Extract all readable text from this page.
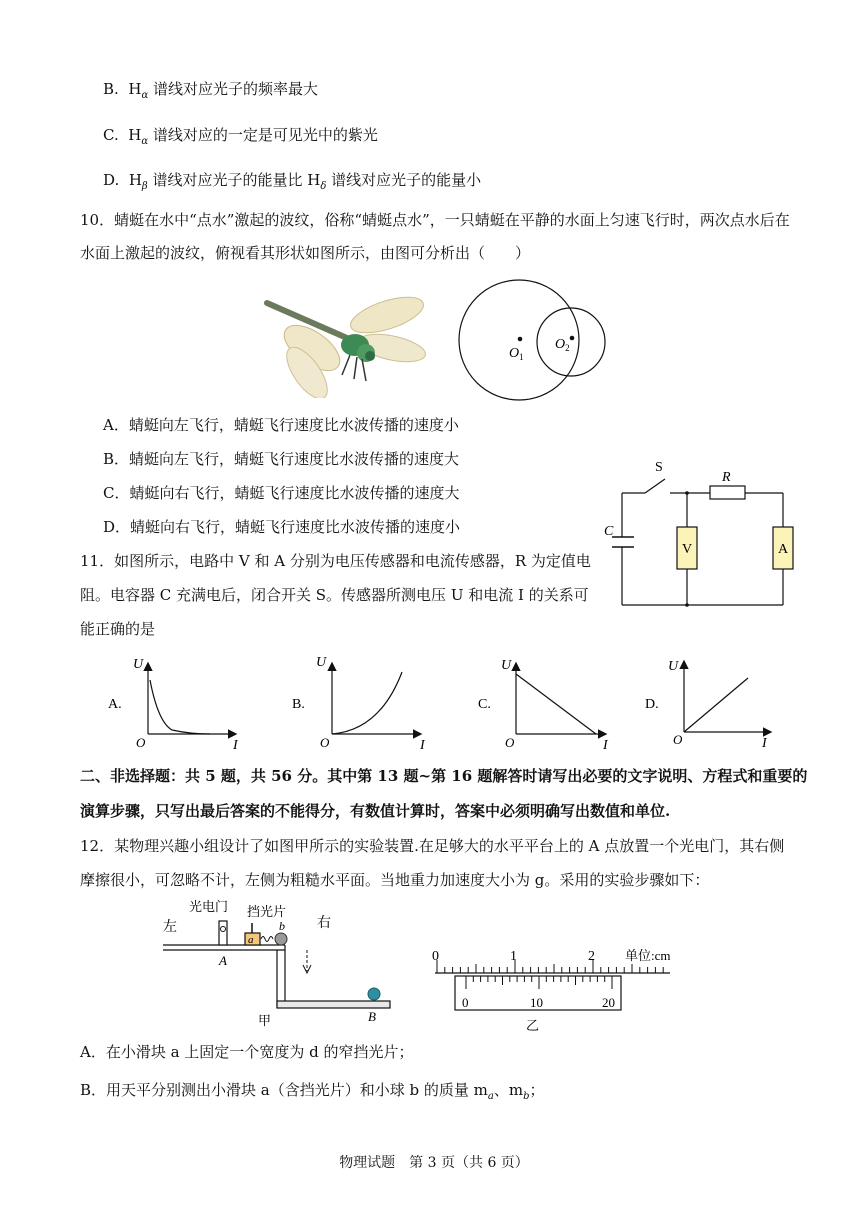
B. $H_\alpha$ 谱线对应光子的频率最大
C. $H_\alpha$ 谱线对应的一定是可见光中的紫光
D. $H_\beta$ 谱线对应光子的能量比 $H_\delta$ 谱线对应光子的能量小
10．蜻蜓在水中“点水”激起的波纹，俗称“蜻蜓点水”，一只蜻蜓在平静的水面上匀速飞行时，两次点水后在
水面上激起的波纹，俯视看其形状如图所示，由图可分析出（　　）
$O_1$
$O_2$
A．蜻蜓向左飞行，蜻蜓飞行速度比水波传播的速度小
B．蜻蜓向左飞行，蜻蜓飞行速度比水波传播的速度大
C．蜻蜓向右飞行，蜻蜓飞行速度比水波传播的速度大
D．蜻蜓向右飞行，蜻蜓飞行速度比水波传播的速度小
S
R
C
V	A
11．如图所示，电路中 V 和 A 分别为电压传感器和电流传感器，R 为定值电
阻。电容器 C 充满电后，闭合开关 S。传感器所测电压 U 和电流 I 的关系可
能正确的是
A.
U
O	I
B.
U
O	I
C.
U
O	I
D.
U
O	I
二、非选择题：共 5 题，共 56 分。其中第 13 题~第 16 题解答时请写出必要的文字说明、方程式和重要的
演算步骤，只写出最后答案的不能得分，有数值计算时，答案中必须明确写出数值和单位.
12．某物理兴趣小组设计了如图甲所示的实验装置.在足够大的水平平台上的 A 点放置一个光电门，其右侧
摩擦很小，可忽略不计，左侧为粗糙水平面。当地重力加速度大小为 g。采用的实验步骤如下：
左	右
光电门 挡光片
a
b
A
B
甲
0	1	2 单位:cm
0	10	20
乙
A．在小滑块 a 上固定一个宽度为 d 的窄挡光片；
B．用天平分别测出小滑块 a（含挡光片）和小球 b 的质量 $m_a$、$m_b$；
物理试题　第 3 页（共 6 页）
